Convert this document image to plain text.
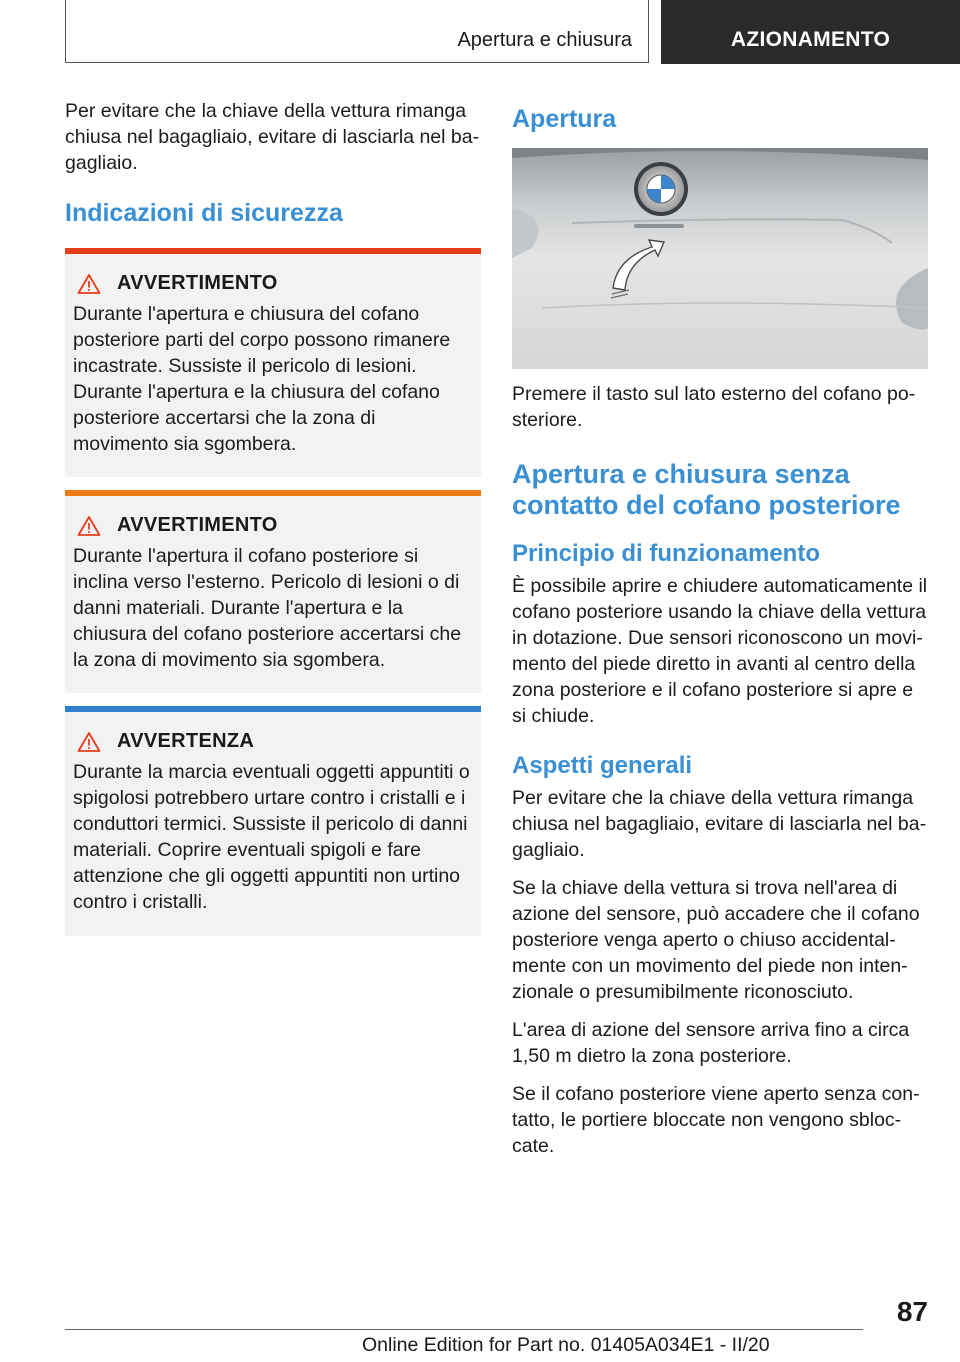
Apertura e chiusura	AZIONAMENTO

Per evitare che la chiave della vettura rimanga chiusa nel bagagliaio, evitare di lasciarla nel bagagliaio.

Indicazioni di sicurezza
AVVERTIMENTO

Durante l'apertura e chiusura del cofano posteriore parti del corpo possono rimanere incastrate. Sussiste il pericolo di lesioni. Durante l'apertura e la chiusura del cofano posteriore accertarsi che la zona di movimento sia sgombera.

AVVERTIMENTO

Durante l'apertura il cofano posteriore si inclina verso l'esterno. Pericolo di lesioni o di danni materiali. Durante l'apertura e la chiusura del cofano posteriore accertarsi che la zona di movimento sia sgombera.

AVVERTENZA

Durante la marcia eventuali oggetti appuntiti o spigolosi potrebbero urtare contro i cristalli e i conduttori termici. Sussiste il pericolo di danni materiali. Coprire eventuali spigoli e fare attenzione che gli oggetti appuntiti non urtino contro i cristalli.

Apertura

Premere il tasto sul lato esterno del cofano posteriore.

Apertura e chiusura senza contatto del cofano posteriore
Principio di funzionamento

È possibile aprire e chiudere automaticamente il cofano posteriore usando la chiave della vettura in dotazione. Due sensori riconoscono un movimento del piede diretto in avanti al centro della zona posteriore e il cofano posteriore si apre e si chiude.

Aspetti generali

Per evitare che la chiave della vettura rimanga chiusa nel bagagliaio, evitare di lasciarla nel bagagliaio.

Se la chiave della vettura si trova nell'area di azione del sensore, può accadere che il cofano posteriore venga aperto o chiuso accidentalmente con un movimento del piede non intenzionale o presumibilmente riconosciuto.

L'area di azione del sensore arriva fino a circa 1,50 m dietro la zona posteriore.

Se il cofano posteriore viene aperto senza contatto, le portiere bloccate non vengono sbloccate.

87
Online Edition for Part no. 01405A034E1 - II/20
